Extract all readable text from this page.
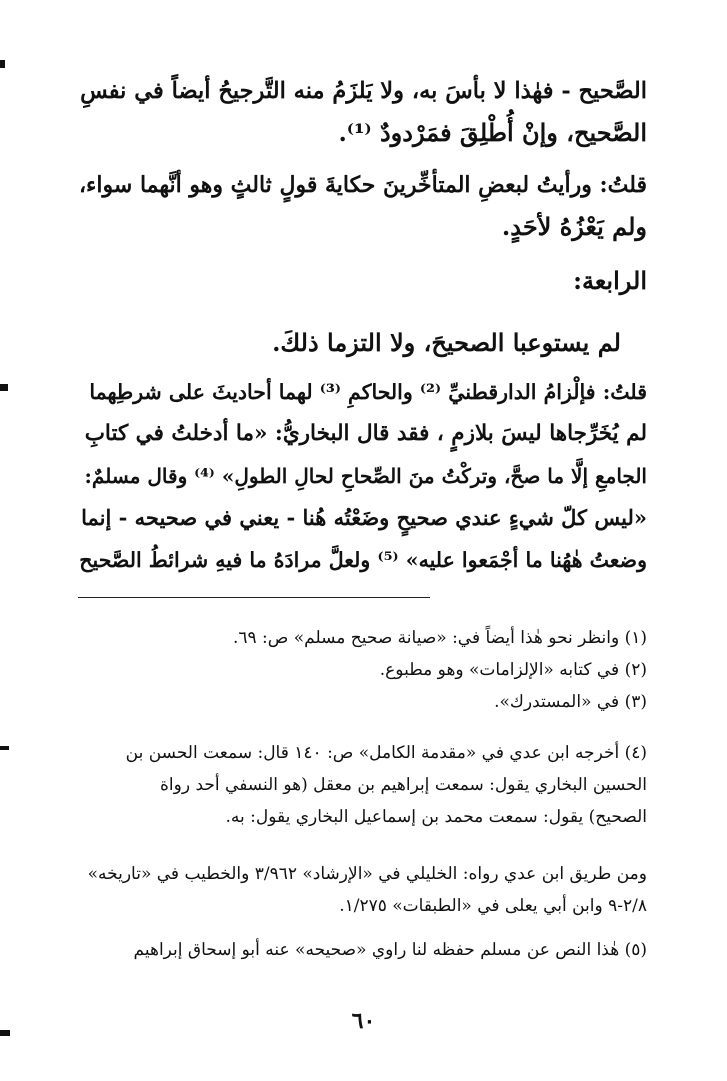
الصَّحيح - فهٰذا لا بأسَ به، ولا يَلزَمُ منه التَّرجيحُ أيضاً في نفسِ
الصَّحيح، وإنْ أُطْلِقَ فمَرْدودٌ ⁽¹⁾.
قلتُ: ورأيتُ لبعضِ المتأخِّرينَ حكايةَ قولٍ ثالثٍ وهو أنَّهما سواء،
ولم يَعْزُهُ لأحَدٍ.
الرابعة:
لم يستوعبا الصحيحَ، ولا التزما ذلكَ.
قلتُ: فإلْزامُ الدارقطنيِّ ⁽²⁾ والحاكمِ ⁽³⁾ لهما أحاديثَ على شرطِهما
لم يُخَرِّجاها ليسَ بلازمٍ ، فقد قال البخاريُّ: «ما أدخلتُ في كتابِ
الجامعِ إلَّا ما صحَّ، وتركْتُ منَ الصِّحاحِ لحالِ الطولِ» ⁽⁴⁾ وقال مسلمٌ:
«ليس كلّ شيءٍ عندي صحيحٍ وضَعْتُه هُنا - يعني في صحيحه - إنما
وضعتُ هٰهُنا ما أجْمَعوا عليه» ⁽⁵⁾ ولعلَّ مرادَهُ ما فيهِ شرائطُ الصَّحيح
(١) وانظر نحو هٰذا أيضاً في: «صيانة صحيح مسلم» ص: ٦٩.
(٢) في كتابه «الإلزامات» وهو مطبوع.
(٣) في «المستدرك».
(٤) أخرجه ابن عدي في «مقدمة الكامل» ص: ١٤٠ قال: سمعت الحسن بن
الحسين البخاري يقول: سمعت إبراهيم بن معقل (هو النسفي أحد رواة
الصحيح) يقول: سمعت محمد بن إسماعيل البخاري يقول: به.
ومن طريق ابن عدي رواه: الخليلي في «الإرشاد» ٣/٩٦٢ والخطيب في «تاريخه»
٢/٨-٩ وابن أبي يعلى في «الطبقات» ١/٢٧٥.
(٥) هٰذا النص عن مسلم حفظه لنا راوي «صحيحه» عنه أبو إسحاق إبراهيم
٦٠
